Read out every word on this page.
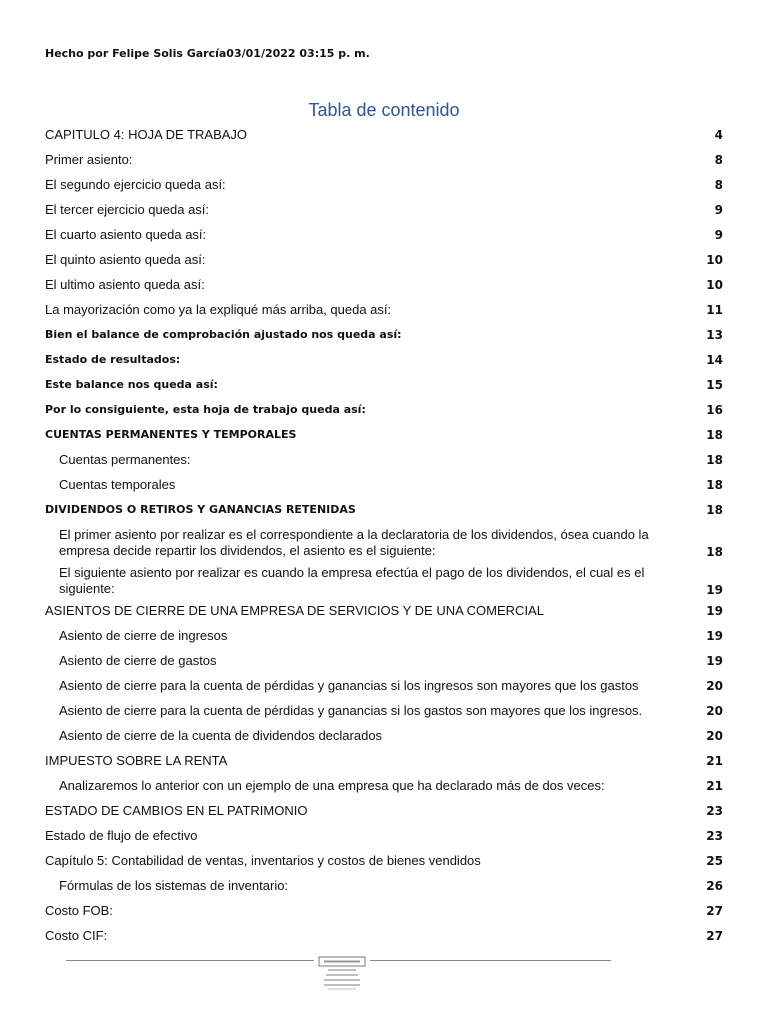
Hecho por Felipe Solis García03/01/2022 03:15 p. m.
Tabla de contenido
CAPITULO 4: HOJA DE TRABAJO	4
Primer asiento:	8
El segundo ejercicio queda así:	8
El tercer ejercicio queda así:	9
El cuarto asiento queda así:	9
El quinto asiento queda así:	10
El ultimo asiento queda así:	10
La mayorización como ya la expliqué más arriba, queda así:	11
Bien el balance de comprobación ajustado nos queda así:	13
Estado de resultados:	14
Este balance nos queda así:	15
Por lo consiguiente, esta hoja de trabajo queda así:	16
CUENTAS PERMANENTES Y TEMPORALES	18
Cuentas permanentes:	18
Cuentas temporales	18
DIVIDENDOS O RETIROS Y GANANCIAS RETENIDAS	18
El primer asiento por realizar es el correspondiente a la declaratoria de los dividendos, ósea cuando la empresa decide repartir los dividendos, el asiento es el siguiente:	18
El siguiente asiento por realizar es cuando la empresa efectúa el pago de los dividendos, el cual es el siguiente:	19
ASIENTOS DE CIERRE DE UNA EMPRESA DE SERVICIOS Y DE UNA COMERCIAL	19
Asiento de cierre de ingresos	19
Asiento de cierre de gastos	19
Asiento de cierre para la cuenta de pérdidas y ganancias si los ingresos son mayores que los gastos	20
Asiento de cierre para la cuenta de pérdidas y ganancias si los gastos son mayores que los ingresos.	20
Asiento de cierre de la cuenta de dividendos declarados	20
IMPUESTO SOBRE LA RENTA	21
Analizaremos lo anterior con un ejemplo de una empresa que ha declarado más de dos veces:	21
ESTADO DE CAMBIOS EN EL PATRIMONIO	23
Estado de flujo de efectivo	23
Capítulo 5: Contabilidad de ventas, inventarios y costos de bienes vendidos	25
Fórmulas de los sistemas de inventario:	26
Costo FOB:	27
Costo CIF:	27
